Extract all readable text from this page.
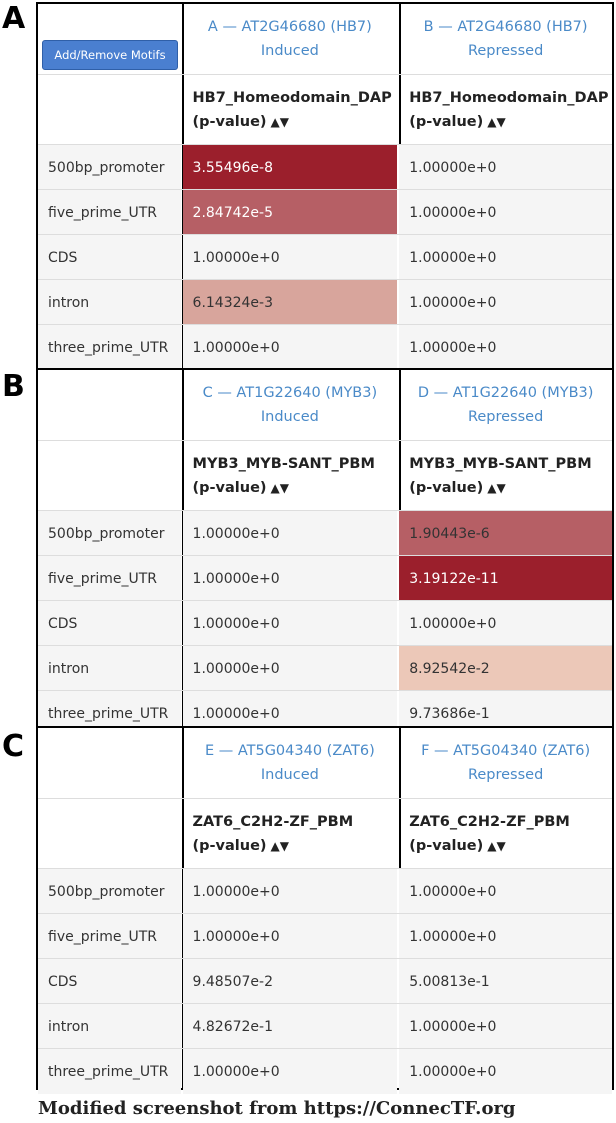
A
B
C
Add/Remove Motifs
A — AT2G46680 (HB7)
Induced
B — AT2G46680 (HB7)
Repressed
HB7_Homeodomain_DAP
(p-value) ▲▼
HB7_Homeodomain_DAP
(p-value) ▲▼
500bp_promoter	3.55496e-8	1.00000e+0
five_prime_UTR	2.84742e-5	1.00000e+0
CDS	1.00000e+0	1.00000e+0
intron	6.14324e-3	1.00000e+0
three_prime_UTR	1.00000e+0	1.00000e+0
C — AT1G22640 (MYB3)
Induced
D — AT1G22640 (MYB3)
Repressed
MYB3_MYB-SANT_PBM
(p-value) ▲▼
MYB3_MYB-SANT_PBM
(p-value) ▲▼
500bp_promoter	1.00000e+0	1.90443e-6
five_prime_UTR	1.00000e+0	3.19122e-11
CDS	1.00000e+0	1.00000e+0
intron	1.00000e+0	8.92542e-2
three_prime_UTR	1.00000e+0	9.73686e-1
E — AT5G04340 (ZAT6)
Induced
F — AT5G04340 (ZAT6)
Repressed
ZAT6_C2H2-ZF_PBM
(p-value) ▲▼
ZAT6_C2H2-ZF_PBM
(p-value) ▲▼
500bp_promoter	1.00000e+0	1.00000e+0
five_prime_UTR	1.00000e+0	1.00000e+0
CDS	9.48507e-2	5.00813e-1
intron	4.82672e-1	1.00000e+0
three_prime_UTR	1.00000e+0	1.00000e+0
Modified screenshot from https://ConnecTF.org
